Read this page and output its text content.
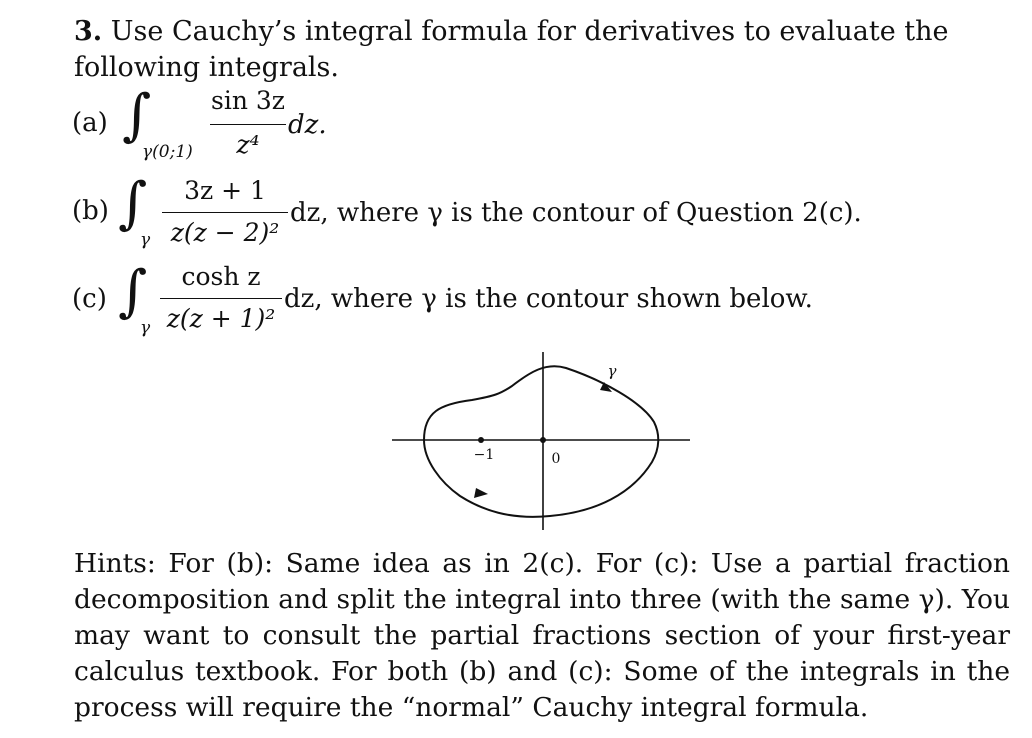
3. Use Cauchy’s integral formula for derivatives to evaluate the following integrals.
(a) ∫
γ(0;1)
sin 3z
z⁴
dz.
(b) ∫
γ
3z + 1
z(z − 2)²
dz, where γ is the contour of Question 2(c).
(c) ∫
γ
cosh z
z(z + 1)²
dz, where γ is the contour shown below.
−1	0
γ
Hints: For (b): Same idea as in 2(c). For (c): Use a partial fraction decomposition and split the integral into three (with the same γ). You may want to consult the partial fractions section of your first-year calculus textbook. For both (b) and (c): Some of the integrals in the process will require the “normal” Cauchy integral formula.
